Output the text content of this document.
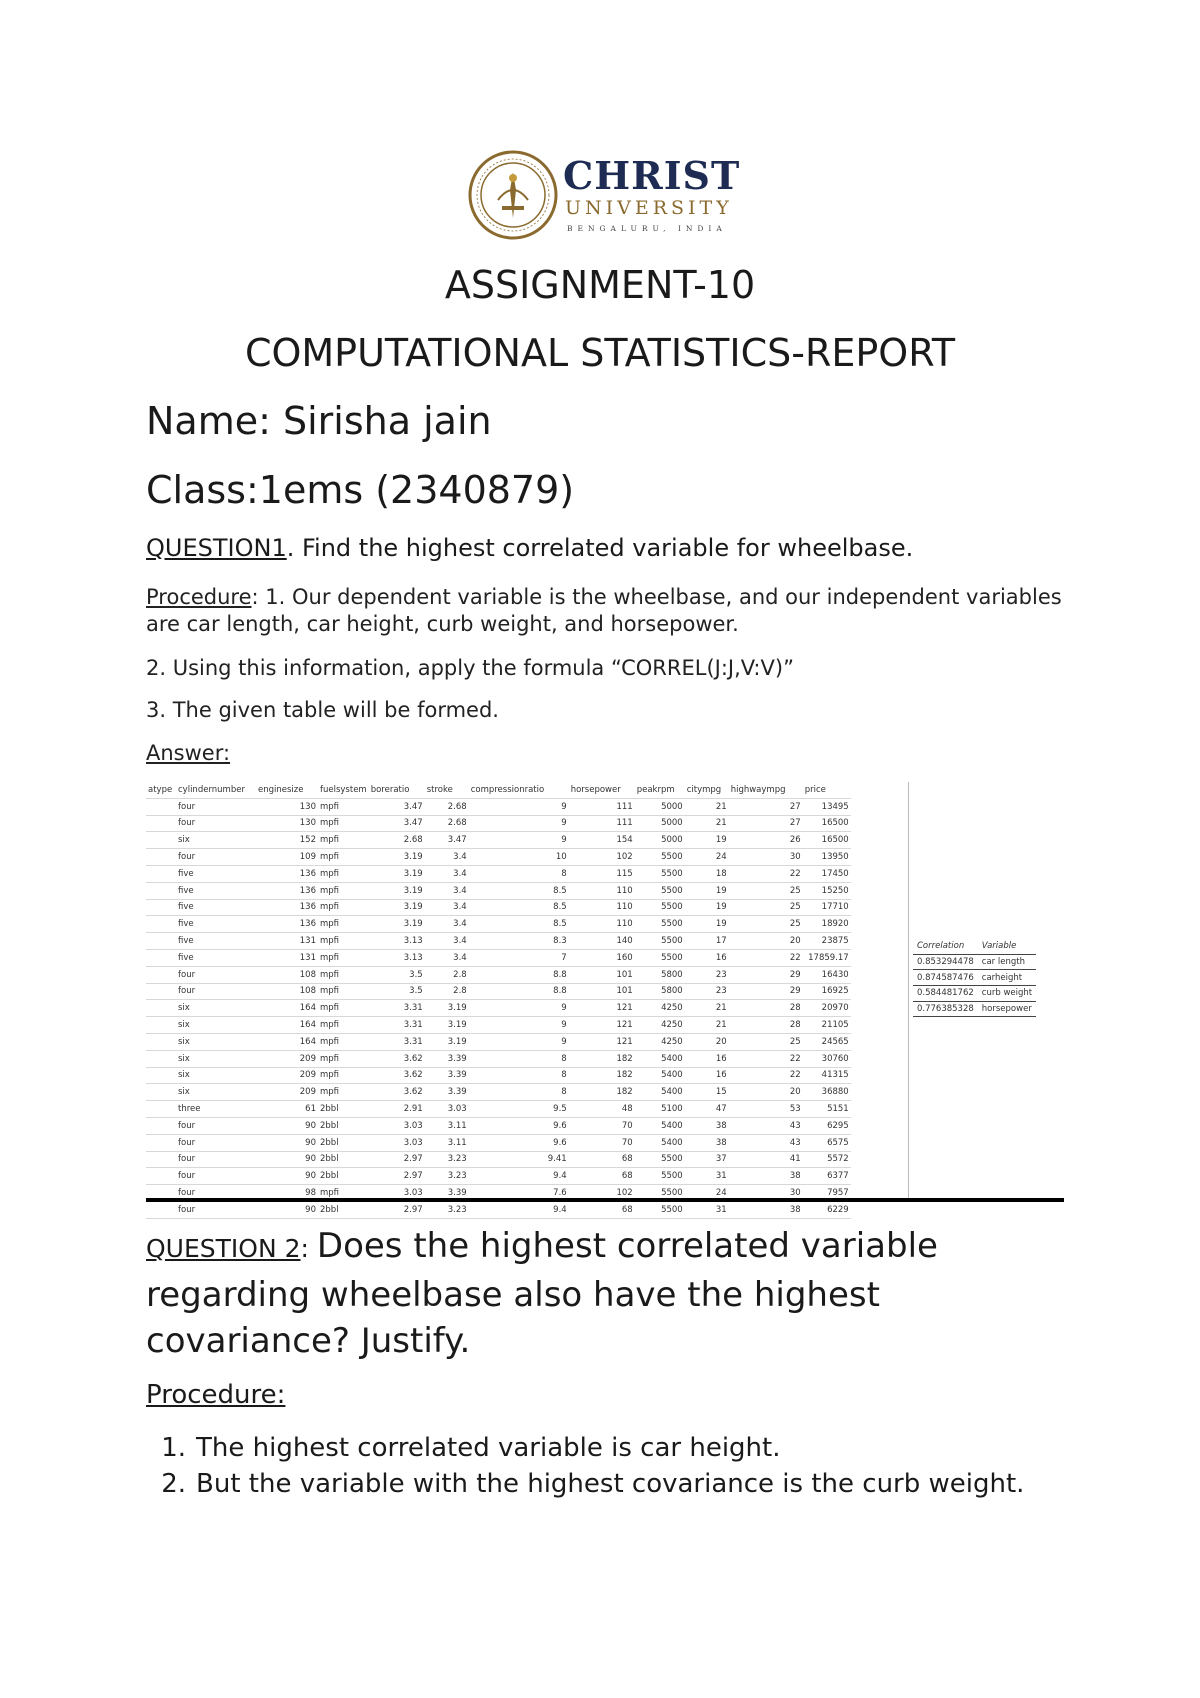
CHRIST
UNIVERSITY
BENGALURU, INDIA
ASSIGNMENT-10
COMPUTATIONAL STATISTICS-REPORT
Name: Sirisha jain
Class:1ems (2340879)
QUESTION1. Find the highest correlated variable for wheelbase.
Procedure: 1. Our dependent variable is the wheelbase, and our independent variables are car length, car height, curb weight, and horsepower.
2. Using this information, apply the formula “CORREL(J:J,V:V)”
3. The given table will be formed.
Answer:
atype	cylindernumber	enginesize	fuelsystem	boreratio	stroke	compressionratio	horsepower	peakrpm	citympg	highwaympg	price
	four	130	mpfi	3.47	2.68	9	111	5000	21	27	13495
	four	130	mpfi	3.47	2.68	9	111	5000	21	27	16500
	six	152	mpfi	2.68	3.47	9	154	5000	19	26	16500
	four	109	mpfi	3.19	3.4	10	102	5500	24	30	13950
	five	136	mpfi	3.19	3.4	8	115	5500	18	22	17450
	five	136	mpfi	3.19	3.4	8.5	110	5500	19	25	15250
	five	136	mpfi	3.19	3.4	8.5	110	5500	19	25	17710
	five	136	mpfi	3.19	3.4	8.5	110	5500	19	25	18920
	five	131	mpfi	3.13	3.4	8.3	140	5500	17	20	23875
	five	131	mpfi	3.13	3.4	7	160	5500	16	22	17859.17
	four	108	mpfi	3.5	2.8	8.8	101	5800	23	29	16430
	four	108	mpfi	3.5	2.8	8.8	101	5800	23	29	16925
	six	164	mpfi	3.31	3.19	9	121	4250	21	28	20970
	six	164	mpfi	3.31	3.19	9	121	4250	21	28	21105
	six	164	mpfi	3.31	3.19	9	121	4250	20	25	24565
	six	209	mpfi	3.62	3.39	8	182	5400	16	22	30760
	six	209	mpfi	3.62	3.39	8	182	5400	16	22	41315
	six	209	mpfi	3.62	3.39	8	182	5400	15	20	36880
	three	61	2bbl	2.91	3.03	9.5	48	5100	47	53	5151
	four	90	2bbl	3.03	3.11	9.6	70	5400	38	43	6295
	four	90	2bbl	3.03	3.11	9.6	70	5400	38	43	6575
	four	90	2bbl	2.97	3.23	9.41	68	5500	37	41	5572
	four	90	2bbl	2.97	3.23	9.4	68	5500	31	38	6377
	four	98	mpfi	3.03	3.39	7.6	102	5500	24	30	7957
	four	90	2bbl	2.97	3.23	9.4	68	5500	31	38	6229
Correlation	Variable
0.853294478	car length
0.874587476	carheight
0.584481762	curb weight
0.776385328	horsepower
QUESTION 2: Does the highest correlated variable regarding wheelbase also have the highest covariance? Justify.
Procedure:
1. The highest correlated variable is car height.
2. But the variable with the highest covariance is the curb weight.
